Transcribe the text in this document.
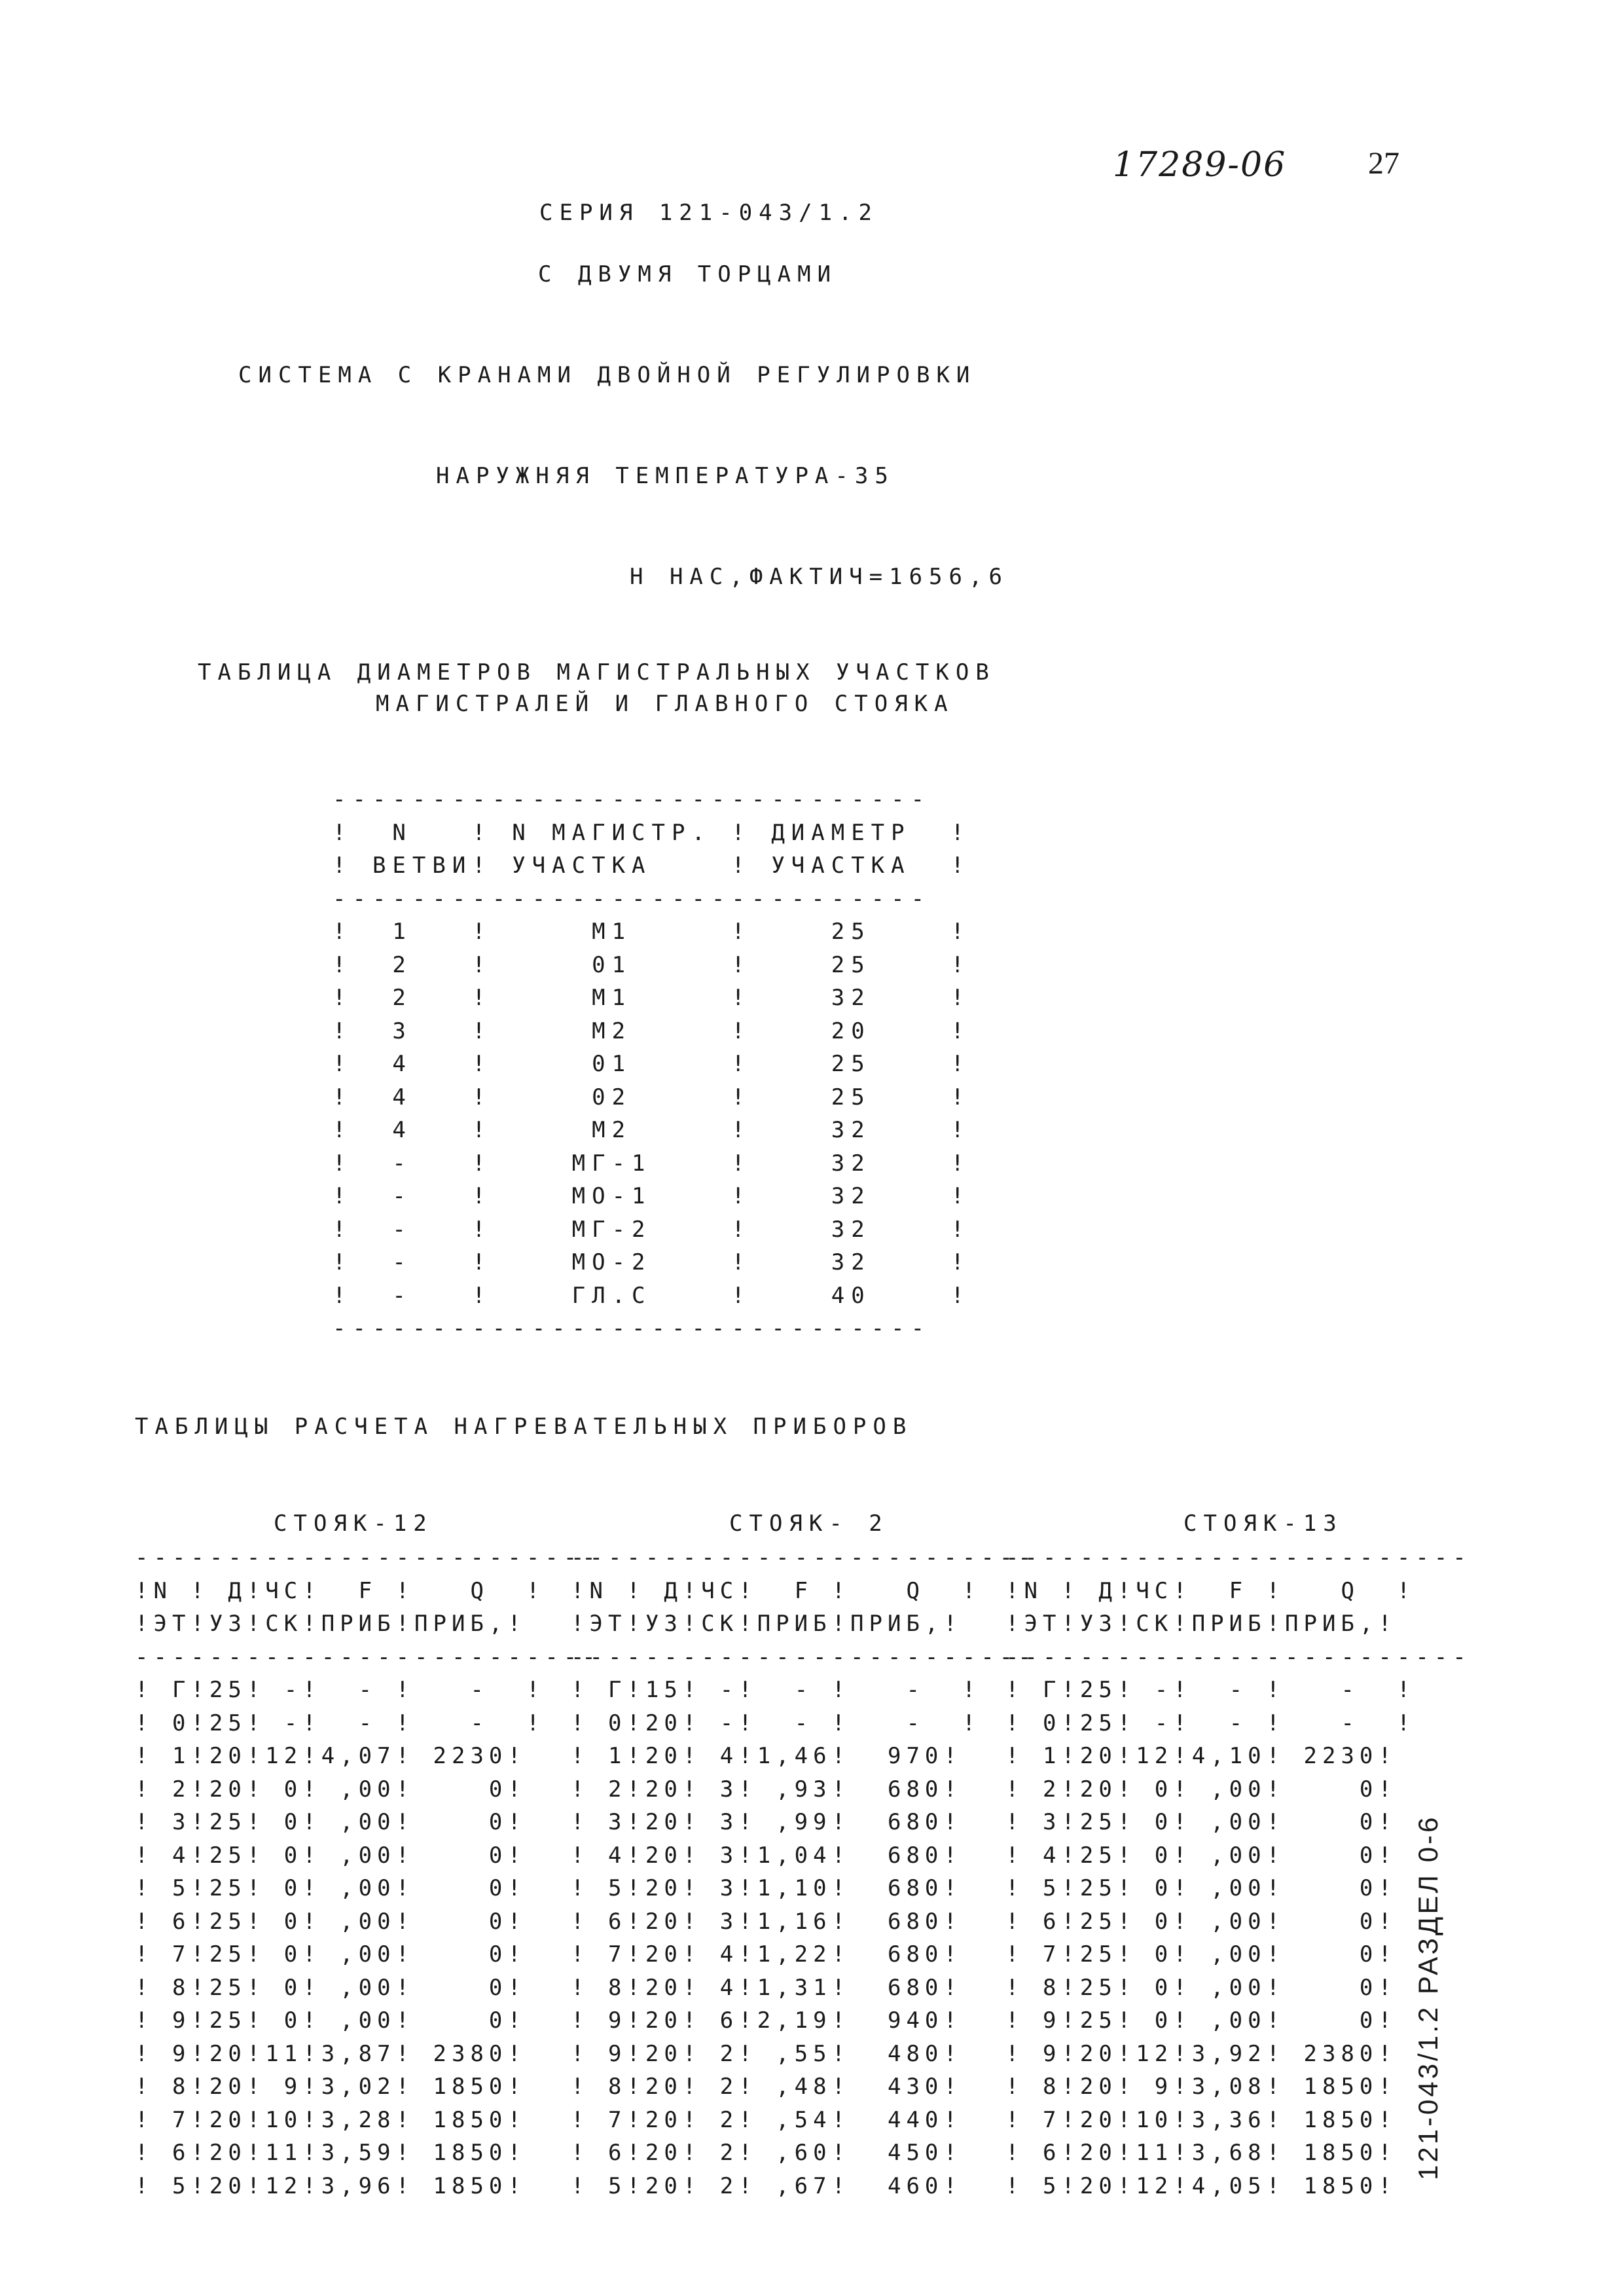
17289-06	27
СЕРИЯ 121-043/1.2
С ДВУМЯ ТОРЦАМИ
СИСТЕМА С КРАНАМИ ДВОЙНОЙ РЕГУЛИРОВКИ
НАРУЖНЯЯ ТЕМПЕРАТУРА-35
Н НАС,ФАКТИЧ=1656,6
ТАБЛИЦА ДИАМЕТРОВ МАГИСТРАЛЬНЫХ УЧАСТКОВ
МАГИСТРАЛЕЙ И ГЛАВНОГО СТОЯКА
------------------------------
!  N   ! N МАГИСТР. ! ДИАМЕТР  !
! ВЕТВИ! УЧАСТКА    ! УЧАСТКА  !
------------------------------
!  1   !     М1     !    25    !
!  2   !     01     !    25    !
!  2   !     М1     !    32    !
!  3   !     М2     !    20    !
!  4   !     01     !    25    !
!  4   !     02     !    25    !
!  4   !     М2     !    32    !
!  -   !    МГ-1    !    32    !
!  -   !    МО-1    !    32    !
!  -   !    МГ-2    !    32    !
!  -   !    МО-2    !    32    !
!  -   !    ГЛ.С    !    40    !
------------------------------
ТАБЛИЦЫ РАСЧЕТА НАГРЕВАТЕЛЬНЫХ ПРИБОРОВ
СТОЯК-12	СТОЯК- 2	СТОЯК-13
-------------------------
!N ! Д!ЧС!  F !   Q  !
!ЭТ!УЗ!СК!ПРИБ!ПРИБ,!
-------------------------
! Г!25! -!  - !   -  !
! 0!25! -!  - !   -  !
! 1!20!12!4,07! 2230!
! 2!20! 0! ,00!    0!
! 3!25! 0! ,00!    0!
! 4!25! 0! ,00!    0!
! 5!25! 0! ,00!    0!
! 6!25! 0! ,00!    0!
! 7!25! 0! ,00!    0!
! 8!25! 0! ,00!    0!
! 9!25! 0! ,00!    0!
! 9!20!11!3,87! 2380!
! 8!20! 9!3,02! 1850!
! 7!20!10!3,28! 1850!
! 6!20!11!3,59! 1850!
! 5!20!12!3,96! 1850!
-------------------------
!N ! Д!ЧС!  F !   Q  !
!ЭТ!УЗ!СК!ПРИБ!ПРИБ,!
-------------------------
! Г!15! -!  - !   -  !
! 0!20! -!  - !   -  !
! 1!20! 4!1,46!  970!
! 2!20! 3! ,93!  680!
! 3!20! 3! ,99!  680!
! 4!20! 3!1,04!  680!
! 5!20! 3!1,10!  680!
! 6!20! 3!1,16!  680!
! 7!20! 4!1,22!  680!
! 8!20! 4!1,31!  680!
! 9!20! 6!2,19!  940!
! 9!20! 2! ,55!  480!
! 8!20! 2! ,48!  430!
! 7!20! 2! ,54!  440!
! 6!20! 2! ,60!  450!
! 5!20! 2! ,67!  460!
-------------------------
!N ! Д!ЧС!  F !   Q  !
!ЭТ!УЗ!СК!ПРИБ!ПРИБ,!
-------------------------
! Г!25! -!  - !   -  !
! 0!25! -!  - !   -  !
! 1!20!12!4,10! 2230!
! 2!20! 0! ,00!    0!
! 3!25! 0! ,00!    0!
! 4!25! 0! ,00!    0!
! 5!25! 0! ,00!    0!
! 6!25! 0! ,00!    0!
! 7!25! 0! ,00!    0!
! 8!25! 0! ,00!    0!
! 9!25! 0! ,00!    0!
! 9!20!12!3,92! 2380!
! 8!20! 9!3,08! 1850!
! 7!20!10!3,36! 1850!
! 6!20!11!3,68! 1850!
! 5!20!12!4,05! 1850!
121-043/1.2 РАЗДЕЛ 0-6
